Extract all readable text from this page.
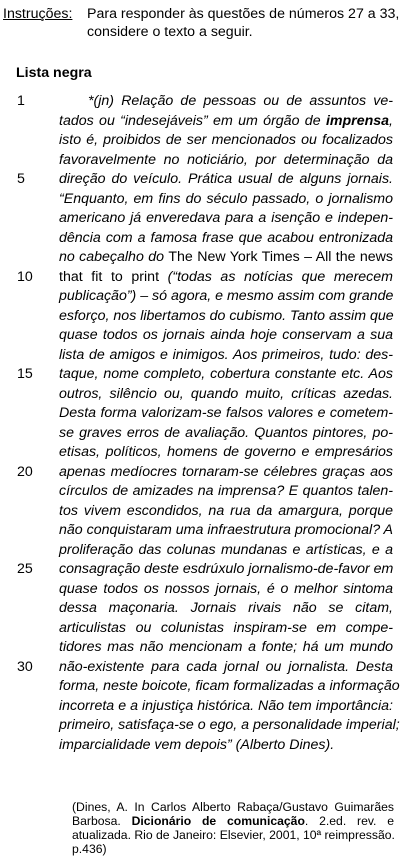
Instruções:	Para responder às questões de números 27 a 33,
considere o texto a seguir.
Lista negra
1	*(jn) Relação de pessoas ou de assuntos ve-
tados ou “indesejáveis” em um órgão de imprensa,
isto é, proibidos de ser mencionados ou focalizados
favoravelmente no noticiário, por determinação da
5	direção do veículo. Prática usual de alguns jornais.
“Enquanto, em fins do século passado, o jornalismo
americano já enveredava para a isenção e indepen-
dência com a famosa frase que acabou entronizada
no cabeçalho do The New York Times – All the news
10 that fit to print (“todas as notícias que merecem
publicação”) – só agora, e mesmo assim com grande
esforço, nos libertamos do cubismo. Tanto assim que
quase todos os jornais ainda hoje conservam a sua
lista de amigos e inimigos. Aos primeiros, tudo: des-
15 taque, nome completo, cobertura constante etc. Aos
outros, silêncio ou, quando muito, críticas azedas.
Desta forma valorizam-se falsos valores e cometem-
se graves erros de avaliação. Quantos pintores, po-
etisas, políticos, homens de governo e empresários
20 apenas medíocres tornaram-se célebres graças aos
círculos de amizades na imprensa? E quantos talen-
tos vivem escondidos, na rua da amargura, porque
não conquistaram uma infraestrutura promocional? A
proliferação das colunas mundanas e artísticas, e a
25 consagração deste esdrúxulo jornalismo-de-favor em
quase todos os nossos jornais, é o melhor sintoma
dessa maçonaria. Jornais rivais não se citam,
articulistas ou colunistas inspiram-se em compe-
tidores mas não mencionam a fonte; há um mundo
30 não-existente para cada jornal ou jornalista. Desta
forma, neste boicote, ficam formalizadas a informação
incorreta e a injustiça histórica. Não tem importância:
primeiro, satisfaça-se o ego, a personalidade imperial;
imparcialidade vem depois” (Alberto Dines).
(Dines, A. In Carlos Alberto Rabaça/Gustavo Guimarães
Barbosa. Dicionário de comunicação. 2.ed. rev. e
atualizada. Rio de Janeiro: Elsevier, 2001, 10ª reimpressão.
p.436)
